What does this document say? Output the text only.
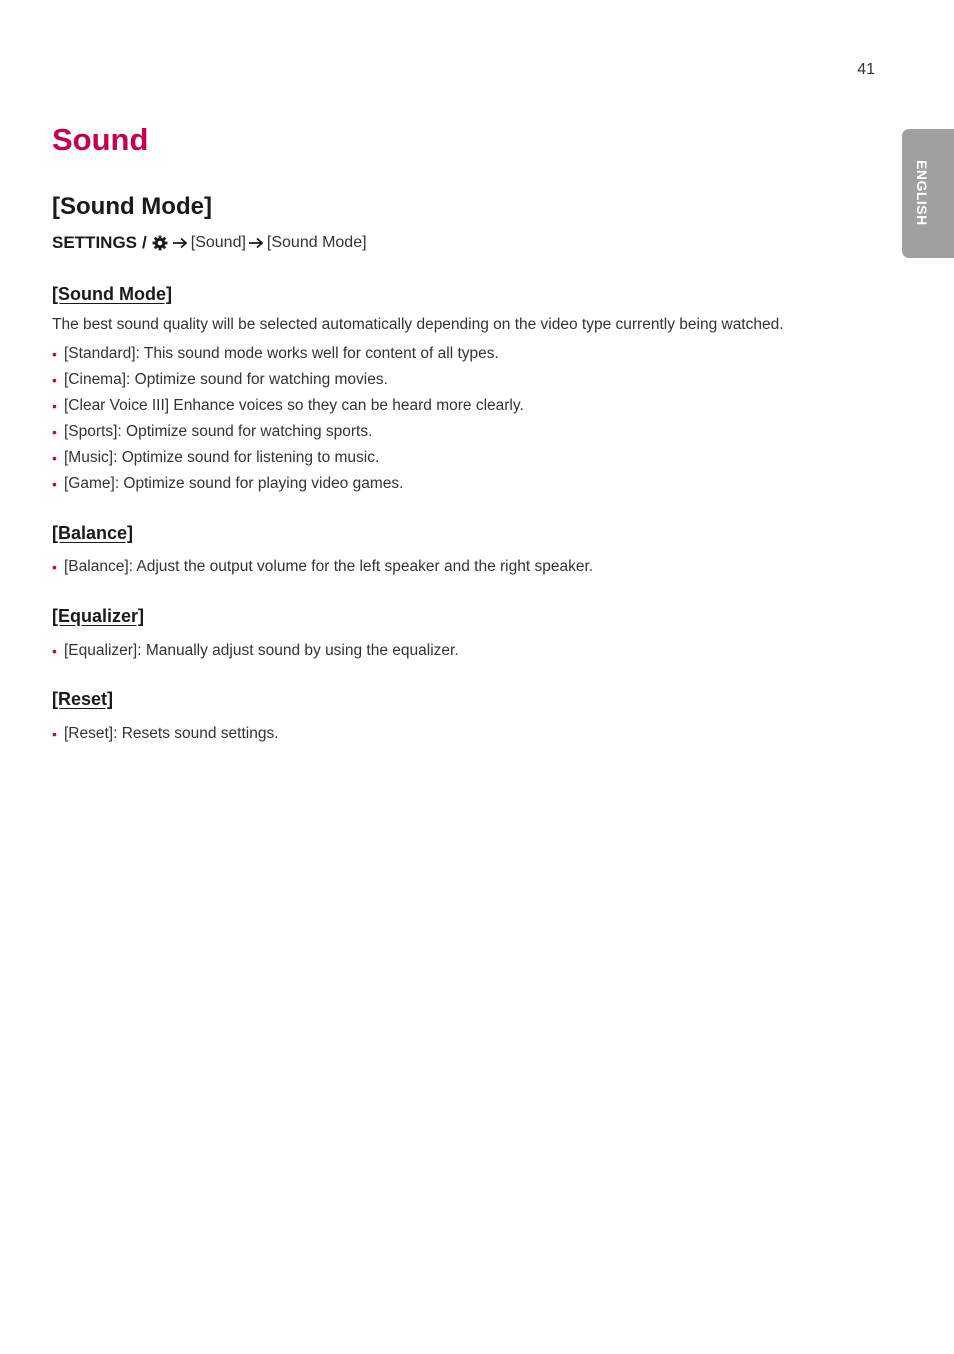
41
ENGLISH
Sound
[Sound Mode]
SETTINGS /	[Sound] [Sound Mode]
[Sound Mode]

The best sound quality will be selected automatically depending on the video type currently being watched.

• [Standard]: This sound mode works well for content of all types.
• [Cinema]: Optimize sound for watching movies.
• [Clear Voice III] Enhance voices so they can be heard more clearly.
• [Sports]: Optimize sound for watching sports.
• [Music]: Optimize sound for listening to music.
• [Game]: Optimize sound for playing video games.
[Balance]
• [Balance]: Adjust the output volume for the left speaker and the right speaker.
[Equalizer]
• [Equalizer]: Manually adjust sound by using the equalizer.
[Reset]
• [Reset]: Resets sound settings.
